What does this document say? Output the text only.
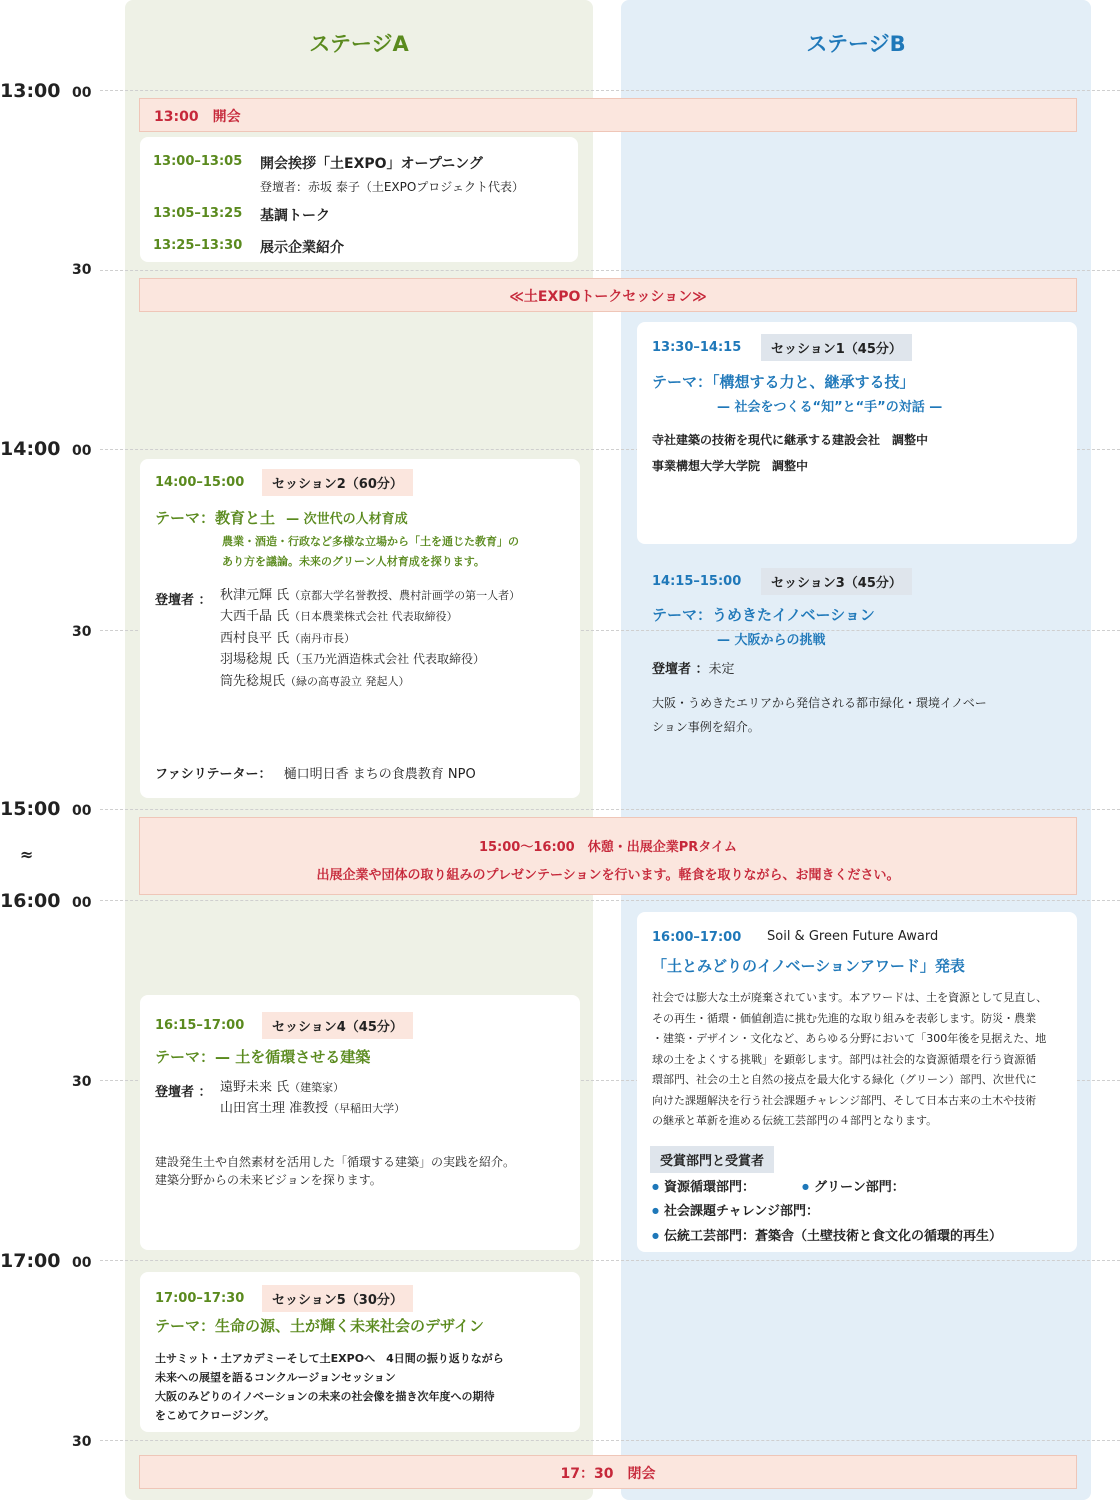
ステージA	ステージB
13:00 00
30
14:00 00
30
15:00 00
≈
16:00 00
30
17:00 00
30
13:00　開会
13:00–13:05 開会挨拶「土EXPO」オープニング
登壇者：赤坂 泰子（土EXPOプロジェクト代表）
13:05–13:25 基調トーク
13:25–13:30 展示企業紹介
≪土EXPOトークセッション≫
13:30–14:15	セッション1（45分）
テーマ：「構想する力と、継承する技」
— 社会をつくる“知”と“手”の対話 —
寺社建築の技術を現代に継承する建設会社　調整中
事業構想大学大学院　調整中
14:00–15:00	セッション2（60分）
テーマ：教育と土 — 次世代の人材育成
農業・酒造・行政など多様な立場から「土を通じた教育」の
あり方を議論。未来のグリーン人材育成を探ります。
登壇者 ： 秋津元輝 氏（京都大学名誉教授、農村計画学の第一人者）
大西千晶 氏（日本農業株式会社 代表取締役）
西村良平 氏（南丹市長）
羽場稔規 氏（玉乃光酒造株式会社 代表取締役）
筒先稔規氏（緑の高専設立 発起人）
ファシリテーター： 樋口明日香 まちの食農教育 NPO
14:15–15:00	セッション3（45分）
テーマ：うめきたイノベーション
— 大阪からの挑戦
登壇者 ：未定
大阪・うめきたエリアから発信される都市緑化・環境イノベー
ション事例を紹介。
15:00〜16:00　休憩・出展企業PRタイム
出展企業や団体の取り組みのプレゼンテーションを行います。軽食を取りながら、お聞きください。
16:00–17:00 Soil & Green Future Award
「土とみどりのイノベーションアワード」発表
社会では膨大な土が廃棄されています。本アワードは、土を資源として見直し、
その再生・循環・価値創造に挑む先進的な取り組みを表彰します。防災・農業
・建築・デザイン・文化など、あらゆる分野において「300年後を見据えた、地
球の土をよくする挑戦」を顕彰します。部門は社会的な資源循環を行う資源循
環部門、社会の土と自然の接点を最大化する緑化（グリーン）部門、次世代に
向けた課題解決を行う社会課題チャレンジ部門、そして日本古来の土木や技術
の継承と革新を進める伝統工芸部門の４部門となります。
受賞部門と受賞者
● 資源循環部門：
●	グリーン部門：
● 社会課題チャレンジ部門：
● 伝統工芸部門：蒼築舎（土壁技術と食文化の循環的再生）
16:15–17:00	セッション4（45分）
テーマ：— 土を循環させる建築
登壇者 ： 遠野未来 氏（建築家）
山田宮土理 准教授（早稲田大学）
建設発生土や自然素材を活用した「循環する建築」の実践を紹介。
建築分野からの未来ビジョンを探ります。
17:00–17:30	セッション5（30分）
テーマ：生命の源、土が輝く未来社会のデザイン
土サミット・土アカデミーそして土EXPOへ　4日間の振り返りながら
未来への展望を語るコンクルージョンセッション
大阪のみどりのイノベーションの未来の社会像を描き次年度への期待
をこめてクロージング。
17：30　閉会
